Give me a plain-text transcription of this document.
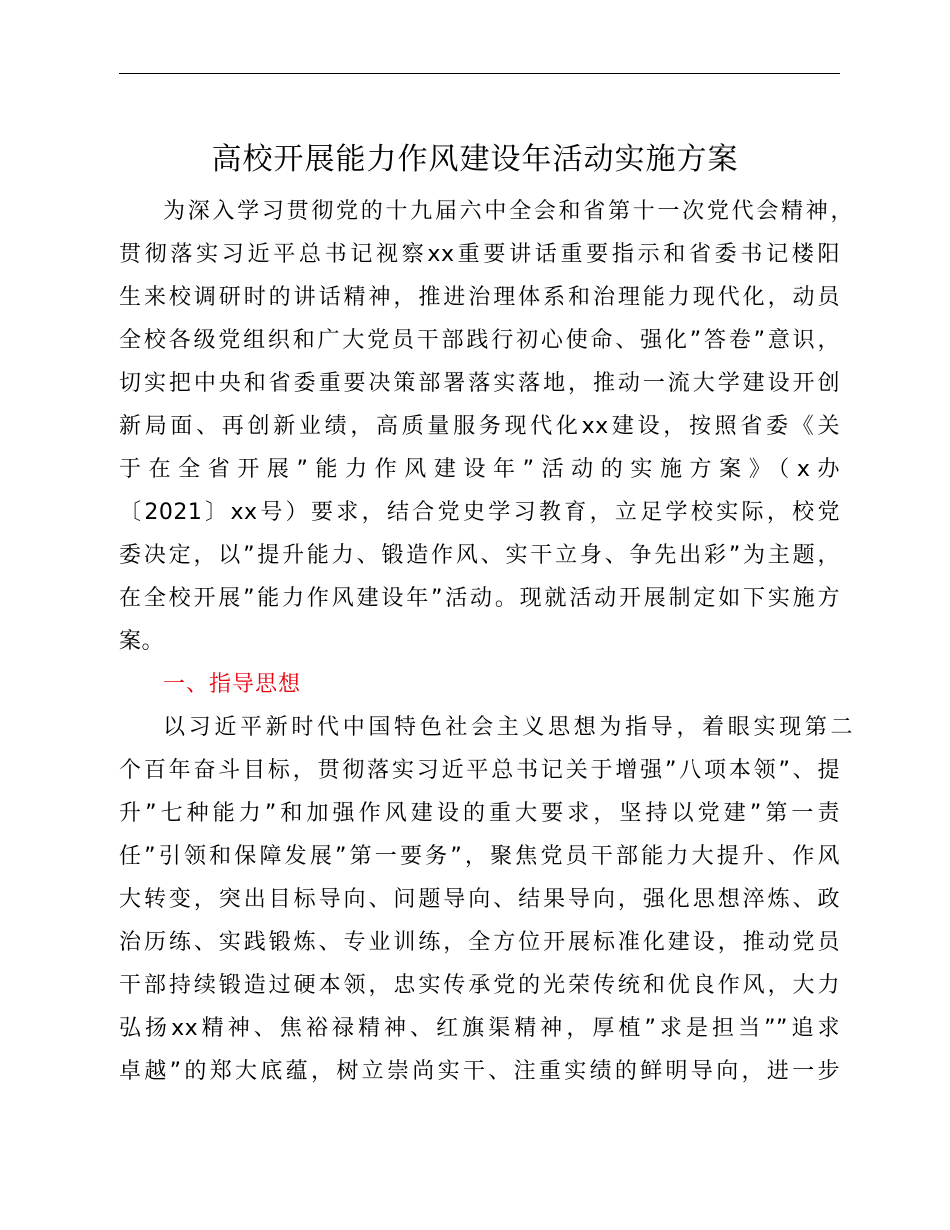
高校开展能力作风建设年活动实施方案
为深入学习贯彻党的十九届六中全会和省第十一次党代会精神，
贯彻落实习近平总书记视察xx重要讲话重要指示和省委书记楼阳
生来校调研时的讲话精神，推进治理体系和治理能力现代化，动员
全校各级党组织和广大党员干部践行初心使命、强化”答卷”意识，
切实把中央和省委重要决策部署落实落地，推动一流大学建设开创
新局面、再创新业绩，高质量服务现代化xx建设，按照省委《关
于在全省开展”能力作风建设年”活动的实施方案》（x办
〔2021〕xx号）要求，结合党史学习教育，立足学校实际，校党
委决定，以”提升能力、锻造作风、实干立身、争先出彩”为主题，
在全校开展”能力作风建设年”活动。现就活动开展制定如下实施方
案。
一、指导思想
以习近平新时代中国特色社会主义思想为指导，着眼实现第二
个百年奋斗目标，贯彻落实习近平总书记关于增强”八项本领”、提
升”七种能力”和加强作风建设的重大要求，坚持以党建”第一责
任”引领和保障发展”第一要务”，聚焦党员干部能力大提升、作风
大转变，突出目标导向、问题导向、结果导向，强化思想淬炼、政
治历练、实践锻炼、专业训练，全方位开展标准化建设，推动党员
干部持续锻造过硬本领，忠实传承党的光荣传统和优良作风，大力
弘扬xx精神、焦裕禄精神、红旗渠精神，厚植”求是担当””追求
卓越”的郑大底蕴，树立崇尚实干、注重实绩的鲜明导向，进一步
